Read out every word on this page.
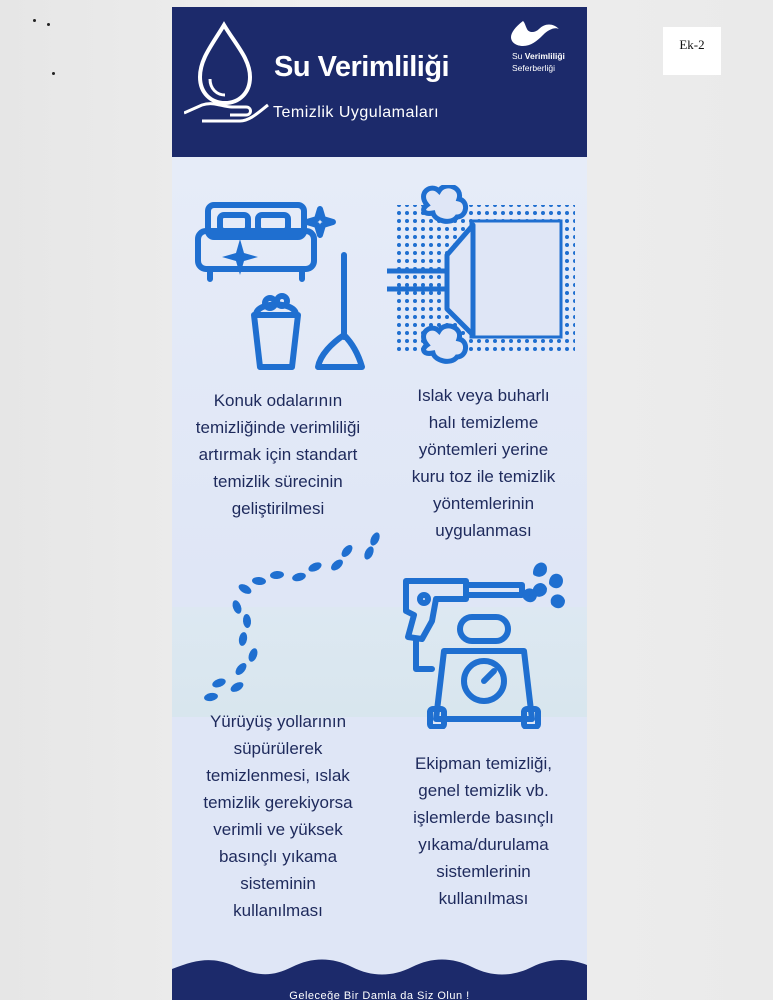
Ek-2
Su Verimliliği
Temizlik Uygulamaları
Su Verimliliği
Seferberliği
Konuk odalarının
temizliğinde verimliliği
artırmak için standart
temizlik sürecinin
geliştirilmesi
Islak veya buharlı
halı temizleme
yöntemleri yerine
kuru toz ile temizlik
yöntemlerinin
uygulanması
Yürüyüş yollarının
süpürülerek
temizlenmesi, ıslak
temizlik gerekiyorsa
verimli ve yüksek
basınçlı yıkama
sisteminin
kullanılması
Ekipman temizliği,
genel temizlik vb.
işlemlerde basınçlı
yıkama/durulama
sistemlerinin
kullanılması
Geleceğe Bir Damla da Siz Olun !
